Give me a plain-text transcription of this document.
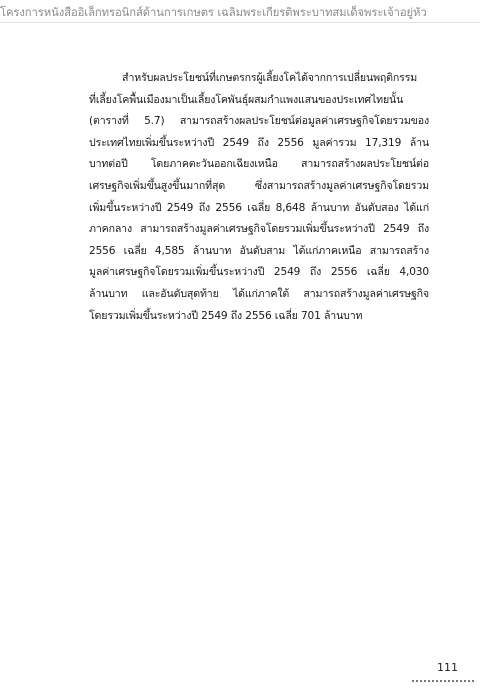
โครงการหนังสืออิเล็กทรอนิกส์ด้านการเกษตร เฉลิมพระเกียรติพระบาทสมเด็จพระเจ้าอยู่หัว
สำหรับผลประโยชน์ที่เกษตรกรผู้เลี้ยงโคได้จากการเปลี่ยนพฤติกรรม
ที่เลี้ยงโคพื้นเมืองมาเป็นเลี้ยงโคพันธุ์ผสมกำแพงแสนของประเทศไทยนั้น
(ตารางที่ 5.7) สามารถสร้างผลประโยชน์ต่อมูลค่าเศรษฐกิจโดยรวมของ
ประเทศไทยเพิ่มขึ้นระหว่างปี 2549 ถึง 2556 มูลค่ารวม 17,319 ล้าน
บาทต่อปี โดยภาคตะวันออกเฉียงเหนือ สามารถสร้างผลประโยชน์ต่อ
เศรษฐกิจเพิ่มขึ้นสูงขึ้นมากที่สุด ซึ่งสามารถสร้างมูลค่าเศรษฐกิจโดยรวม
เพิ่มขึ้นระหว่างปี 2549 ถึง 2556 เฉลี่ย 8,648 ล้านบาท อันดับสอง ได้แก่
ภาคกลาง สามารถสร้างมูลค่าเศรษฐกิจโดยรวมเพิ่มขึ้นระหว่างปี 2549 ถึง
2556 เฉลี่ย 4,585 ล้านบาท อันดับสาม ได้แก่ภาคเหนือ สามารถสร้าง
มูลค่าเศรษฐกิจโดยรวมเพิ่มขึ้นระหว่างปี 2549 ถึง 2556 เฉลี่ย 4,030
ล้านบาท และอันดับสุดท้าย ได้แก่ภาคใต้ สามารถสร้างมูลค่าเศรษฐกิจ
โดยรวมเพิ่มขึ้นระหว่างปี 2549 ถึง 2556 เฉลี่ย 701 ล้านบาท
111
